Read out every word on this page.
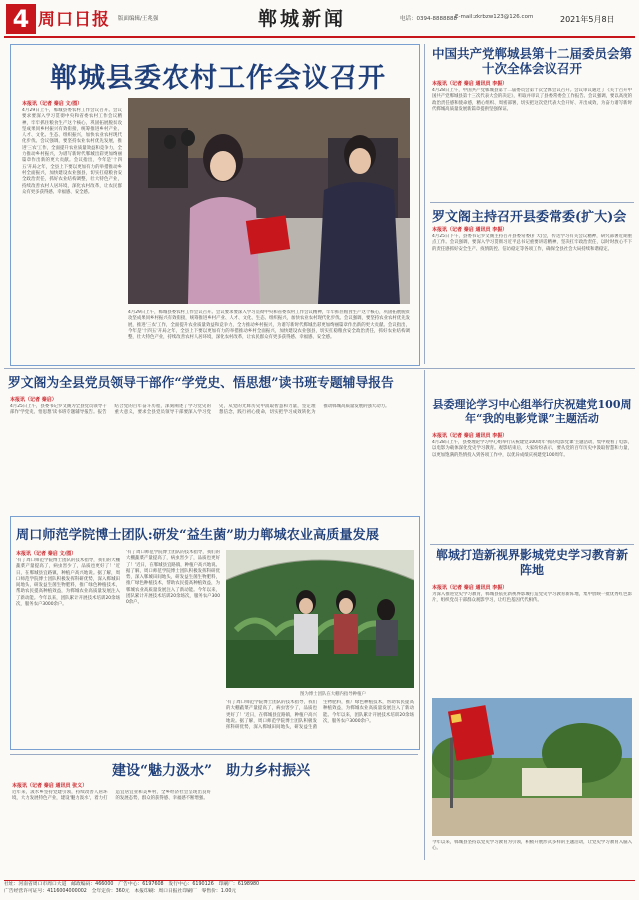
4 周口日报 版面编辑/王兆强	郸城新闻	电话：0394-8888888
E-mail:zkrbzw123@126.com	2021年5月8日
郸城县委农村工作会议召开
本报讯（记者 秦启 文/图）
4月29日上午，郸城县委农村工作会议召开。会议要求要深入学习贯彻中央和省委农村工作会议精神，牢牢抓住粮食生产这个核心，巩固拓展脱贫攻坚成果同乡村振兴有效衔接，统筹推进乡村产业、人才、文化、生态、组织振兴，加快农业农村现代化步伐。会议强调，要坚持农业农村优先发展，推进'三农'工作，全面提升农业质量效益和竞争力，全力推动乡村振兴，为谱写新时代郸城出彩更加绚丽篇章作出新的更大贡献。会议指出，今年是'十四五'开局之年，全县上下要以更加有力的举措推动乡村全面振兴，加快建设农业强县，切实扛稳粮食安全政治责任，抓好农业结构调整，壮大特色产业，持续改善农村人居环境，深化农村改革，让农民群众有更多获得感、幸福感、安全感。
4月29日上午，郸城县委农村工作会议召开。会议要求要深入学习贯彻中央和省委农村工作会议精神，牢牢抓住粮食生产这个核心，巩固拓展脱贫攻坚成果同乡村振兴有效衔接，统筹推进乡村产业、人才、文化、生态、组织振兴，加快农业农村现代化步伐。会议强调，要坚持农业农村优先发展，推进'三农'工作，全面提升农业质量效益和竞争力，全力推动乡村振兴，为谱写新时代郸城出彩更加绚丽篇章作出新的更大贡献。会议指出，今年是'十四五'开局之年，全县上下要以更加有力的举措推动乡村全面振兴，加快建设农业强县，切实扛稳粮食安全政治责任，抓好农业结构调整，壮大特色产业，持续改善农村人居环境，深化农村改革，让农民群众有更多获得感、幸福感、安全感。
中国共产党郸城县第十二届委员会第十次全体会议召开
本报讯（记者 秦启 通讯员 李振）
4月28日上午，中国共产党郸城县第十二届委员会第十次全体会议召开。会议审议通过了《关于召开中国共产党郸城县第十三次代表大会的决定》，听取并审议了县委常委会工作报告。会议强调，要以高度的政治责任感和使命感，精心组织、周密部署，切实把这次党代表大会开好、开出成效，为奋力谱写新时代郸城高质量发展新篇章提供坚强保证。
罗文阁主持召开县委常委(扩大)会
本报讯（记者 秦启 通讯员 李振）
4月25日下午，县委书记罗文阁主持召开县委常委(扩大)会，传达学习有关会议精神，研究部署近期重点工作。会议强调，要深入学习贯彻习近平总书记重要讲话精神，坚决扛牢政治责任，以时时放心不下的责任感抓好安全生产、疫情防控、信访稳定等各项工作，确保全县社会大局持续和谐稳定。
罗文阁为全县党员领导干部作“学党史、悟思想”读书班专题辅导报告
本报讯（记者 秦启）
4月25日上午，县委书记罗文阁为全县党员领导干部作'学党史、悟思想'读书班专题辅导报告。报告结合党的百年奋斗历程，深刻阐述了学习党史的重大意义，要求全县党员领导干部要深入学习党史，从党的光辉历史中汲取智慧和力量，坚定理想信念，践行初心使命，切实把学习成效转化为推动郸城高质量发展的强大动力。
周口师范学院博士团队:研发“益生菌”助力郸城农业高质量发展
本报讯（记者 秦启 文/图）
'有了周口师范学院博士团队的技术指导，我们的大棚蔬菜产量提高了，病虫害少了，品质也更好了！'近日，在郸城县宜路镇，种植户高兴地说。据了解，周口师范学院博士团队积极发挥科研优势，深入郸城田间地头，研发益生菌生物肥料，推广绿色种植技术，帮助农民提高种植效益，为郸城农业高质量发展注入了新动能。今年以来，团队累计开展技术培训20余场次，服务农户3000余户。
'有了周口师范学院博士团队的技术指导，我们的大棚蔬菜产量提高了，病虫害少了，品质也更好了！'近日，在郸城县宜路镇，种植户高兴地说。据了解，周口师范学院博士团队积极发挥科研优势，深入郸城田间地头，研发益生菌生物肥料，推广绿色种植技术，帮助农民提高种植效益，为郸城农业高质量发展注入了新动能。今年以来，团队累计开展技术培训20余场次，服务农户3000余户。
图为博士团队在大棚内指导种植户
'有了周口师范学院博士团队的技术指导，我们的大棚蔬菜产量提高了，病虫害少了，品质也更好了！'近日，在郸城县宜路镇，种植户高兴地说。据了解，周口师范学院博士团队积极发挥科研优势，深入郸城田间地头，研发益生菌生物肥料，推广绿色种植技术，帮助农民提高种植效益，为郸城农业高质量发展注入了新动能。今年以来，团队累计开展技术培训20余场次，服务农户3000余户。
县委理论学习中心组举行庆祝建党100周年“我的电影党课”主题活动
本报讯（记者 秦启 通讯员 李振）
4月28日上午，县委理论学习中心组举行庆祝建党100周年'我的电影党课'主题活动，集中观看了电影，以电影为载体深化党史学习教育。观影结束后，大家纷纷表示，要从党的百年历史中汲取智慧和力量，以更加饱满的热情投入到各项工作中，以优异成绩庆祝建党100周年。
郸城打造新视界影城党史学习教育新阵地
本报讯（记者 秦启 通讯员 李振）
为深入推进党史学习教育，郸城县依托新视界影城打造党史学习教育新阵地，集中放映一批优秀红色影片，组织党员干部群众观影学习，让红色基因代代相传。
今年以来，郸城县坚持以党史学习教育为引领，积极开展形式多样的主题活动，让党史学习教育入脑入心。
建设“魅力汲水”　助力乡村振兴
本报讯（记者 秦启 通讯员 张义）
近年来，汲水乡坚持党建引领，持续改善人居环境，大力发展特色产业，建设'魅力汲水'，着力打造宜居宜业和美乡村，全乡经济社会呈现出良好的发展态势，群众的获得感、幸福感不断增强。
社址：河南省周口市周口大道　邮政编码：466000　广告中心：6197608　发行中心：6190126　印刷厂：6198980
广告经营许可证号：4116004000002　全年定价：360元　本报印刷：周口日报社印刷厂　零售价：1.00元
